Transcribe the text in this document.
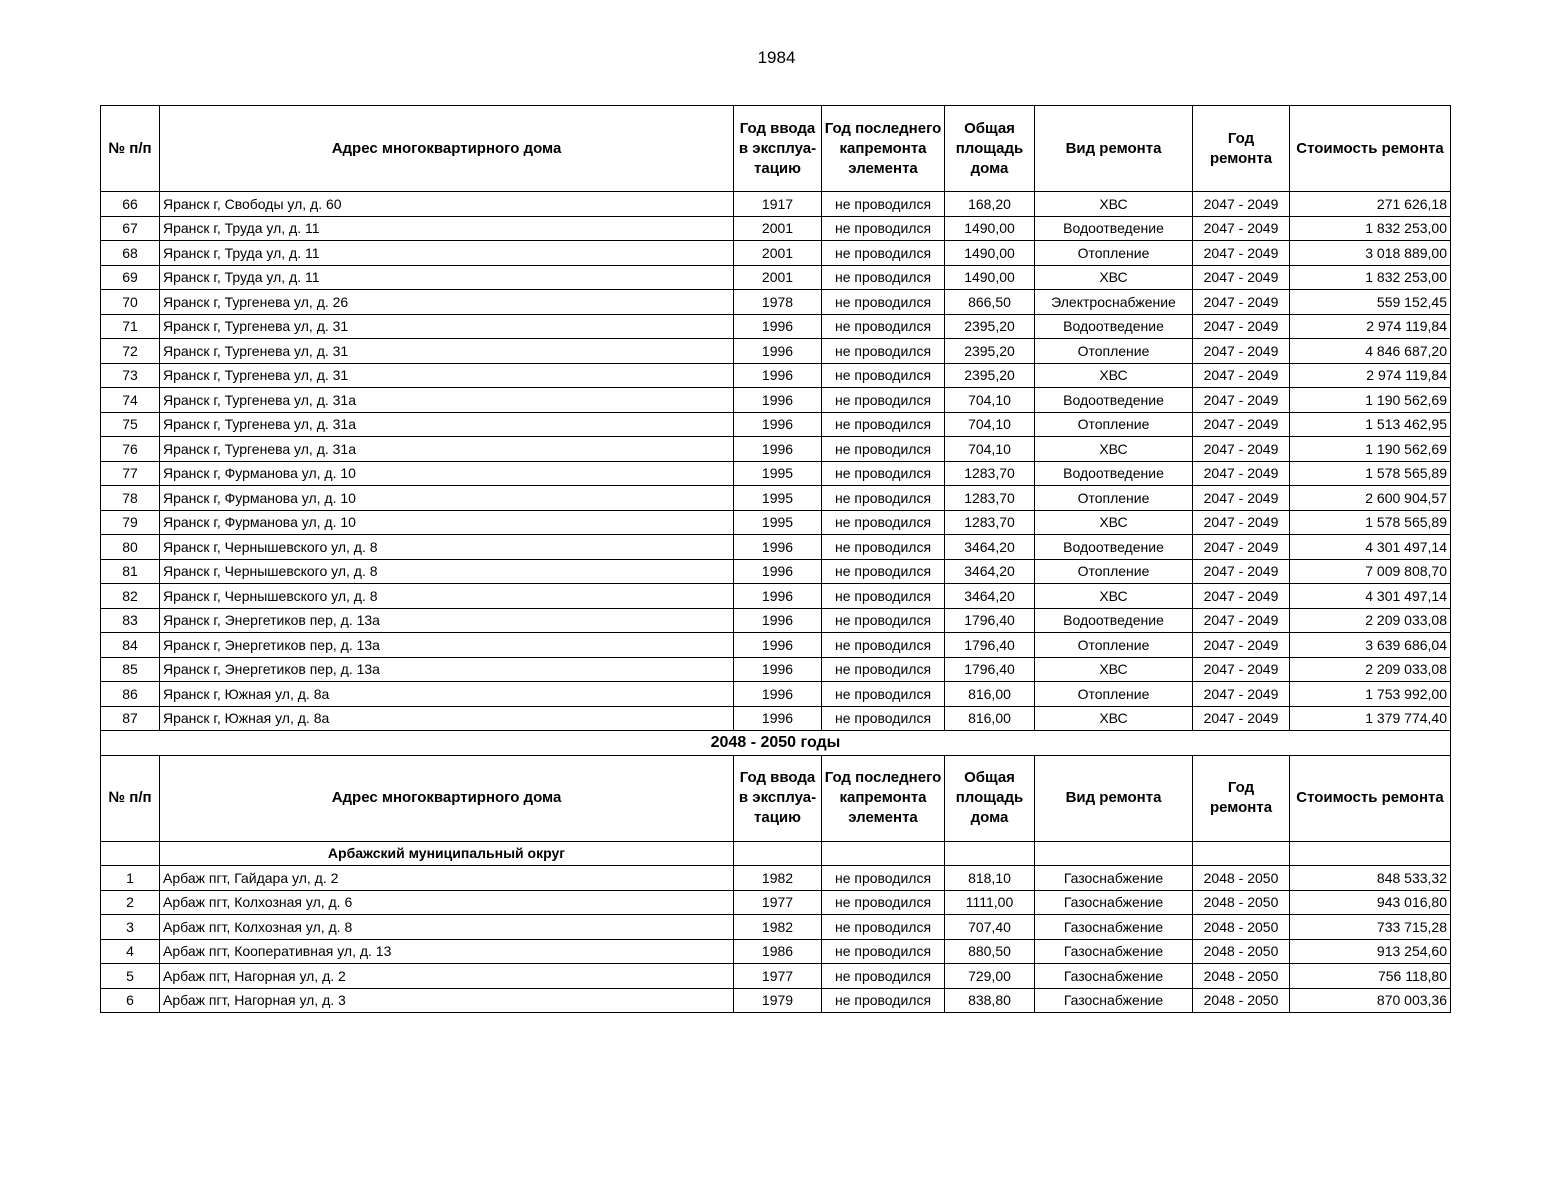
1984
№ п/п	Адрес многоквартирного дома	Год ввода в эксплуа-тацию	Год последнего капремонта элемента	Общая площадь дома	Вид ремонта	Год ремонта	Стоимость ремонта
66	Яранск г, Свободы ул, д. 60	1917	не проводился	168,20	ХВС	2047 - 2049	271 626,18
67	Яранск г, Труда ул, д. 11	2001	не проводился	1490,00	Водоотведение	2047 - 2049	1 832 253,00
68	Яранск г, Труда ул, д. 11	2001	не проводился	1490,00	Отопление	2047 - 2049	3 018 889,00
69	Яранск г, Труда ул, д. 11	2001	не проводился	1490,00	ХВС	2047 - 2049	1 832 253,00
70	Яранск г, Тургенева ул, д. 26	1978	не проводился	866,50	Электроснабжение	2047 - 2049	559 152,45
71	Яранск г, Тургенева ул, д. 31	1996	не проводился	2395,20	Водоотведение	2047 - 2049	2 974 119,84
72	Яранск г, Тургенева ул, д. 31	1996	не проводился	2395,20	Отопление	2047 - 2049	4 846 687,20
73	Яранск г, Тургенева ул, д. 31	1996	не проводился	2395,20	ХВС	2047 - 2049	2 974 119,84
74	Яранск г, Тургенева ул, д. 31а	1996	не проводился	704,10	Водоотведение	2047 - 2049	1 190 562,69
75	Яранск г, Тургенева ул, д. 31а	1996	не проводился	704,10	Отопление	2047 - 2049	1 513 462,95
76	Яранск г, Тургенева ул, д. 31а	1996	не проводился	704,10	ХВС	2047 - 2049	1 190 562,69
77	Яранск г, Фурманова ул, д. 10	1995	не проводился	1283,70	Водоотведение	2047 - 2049	1 578 565,89
78	Яранск г, Фурманова ул, д. 10	1995	не проводился	1283,70	Отопление	2047 - 2049	2 600 904,57
79	Яранск г, Фурманова ул, д. 10	1995	не проводился	1283,70	ХВС	2047 - 2049	1 578 565,89
80	Яранск г, Чернышевского ул, д. 8	1996	не проводился	3464,20	Водоотведение	2047 - 2049	4 301 497,14
81	Яранск г, Чернышевского ул, д. 8	1996	не проводился	3464,20	Отопление	2047 - 2049	7 009 808,70
82	Яранск г, Чернышевского ул, д. 8	1996	не проводился	3464,20	ХВС	2047 - 2049	4 301 497,14
83	Яранск г, Энергетиков пер, д. 13а	1996	не проводился	1796,40	Водоотведение	2047 - 2049	2 209 033,08
84	Яранск г, Энергетиков пер, д. 13а	1996	не проводился	1796,40	Отопление	2047 - 2049	3 639 686,04
85	Яранск г, Энергетиков пер, д. 13а	1996	не проводился	1796,40	ХВС	2047 - 2049	2 209 033,08
86	Яранск г, Южная ул, д. 8а	1996	не проводился	816,00	Отопление	2047 - 2049	1 753 992,00
87	Яранск г, Южная ул, д. 8а	1996	не проводился	816,00	ХВС	2047 - 2049	1 379 774,40
2048 - 2050 годы							
№ п/п	Адрес многоквартирного дома	Год ввода в эксплуа-тацию	Год последнего капремонта элемента	Общая площадь дома	Вид ремонта	Год ремонта	Стоимость ремонта
	Арбажский муниципальный округ						
1	Арбаж пгт, Гайдара ул, д. 2	1982	не проводился	818,10	Газоснабжение	2048 - 2050	848 533,32
2	Арбаж пгт, Колхозная ул, д. 6	1977	не проводился	1111,00	Газоснабжение	2048 - 2050	943 016,80
3	Арбаж пгт, Колхозная ул, д. 8	1982	не проводился	707,40	Газоснабжение	2048 - 2050	733 715,28
4	Арбаж пгт, Кооперативная ул, д. 13	1986	не проводился	880,50	Газоснабжение	2048 - 2050	913 254,60
5	Арбаж пгт, Нагорная ул, д. 2	1977	не проводился	729,00	Газоснабжение	2048 - 2050	756 118,80
6	Арбаж пгт, Нагорная ул, д. 3	1979	не проводился	838,80	Газоснабжение	2048 - 2050	870 003,36
